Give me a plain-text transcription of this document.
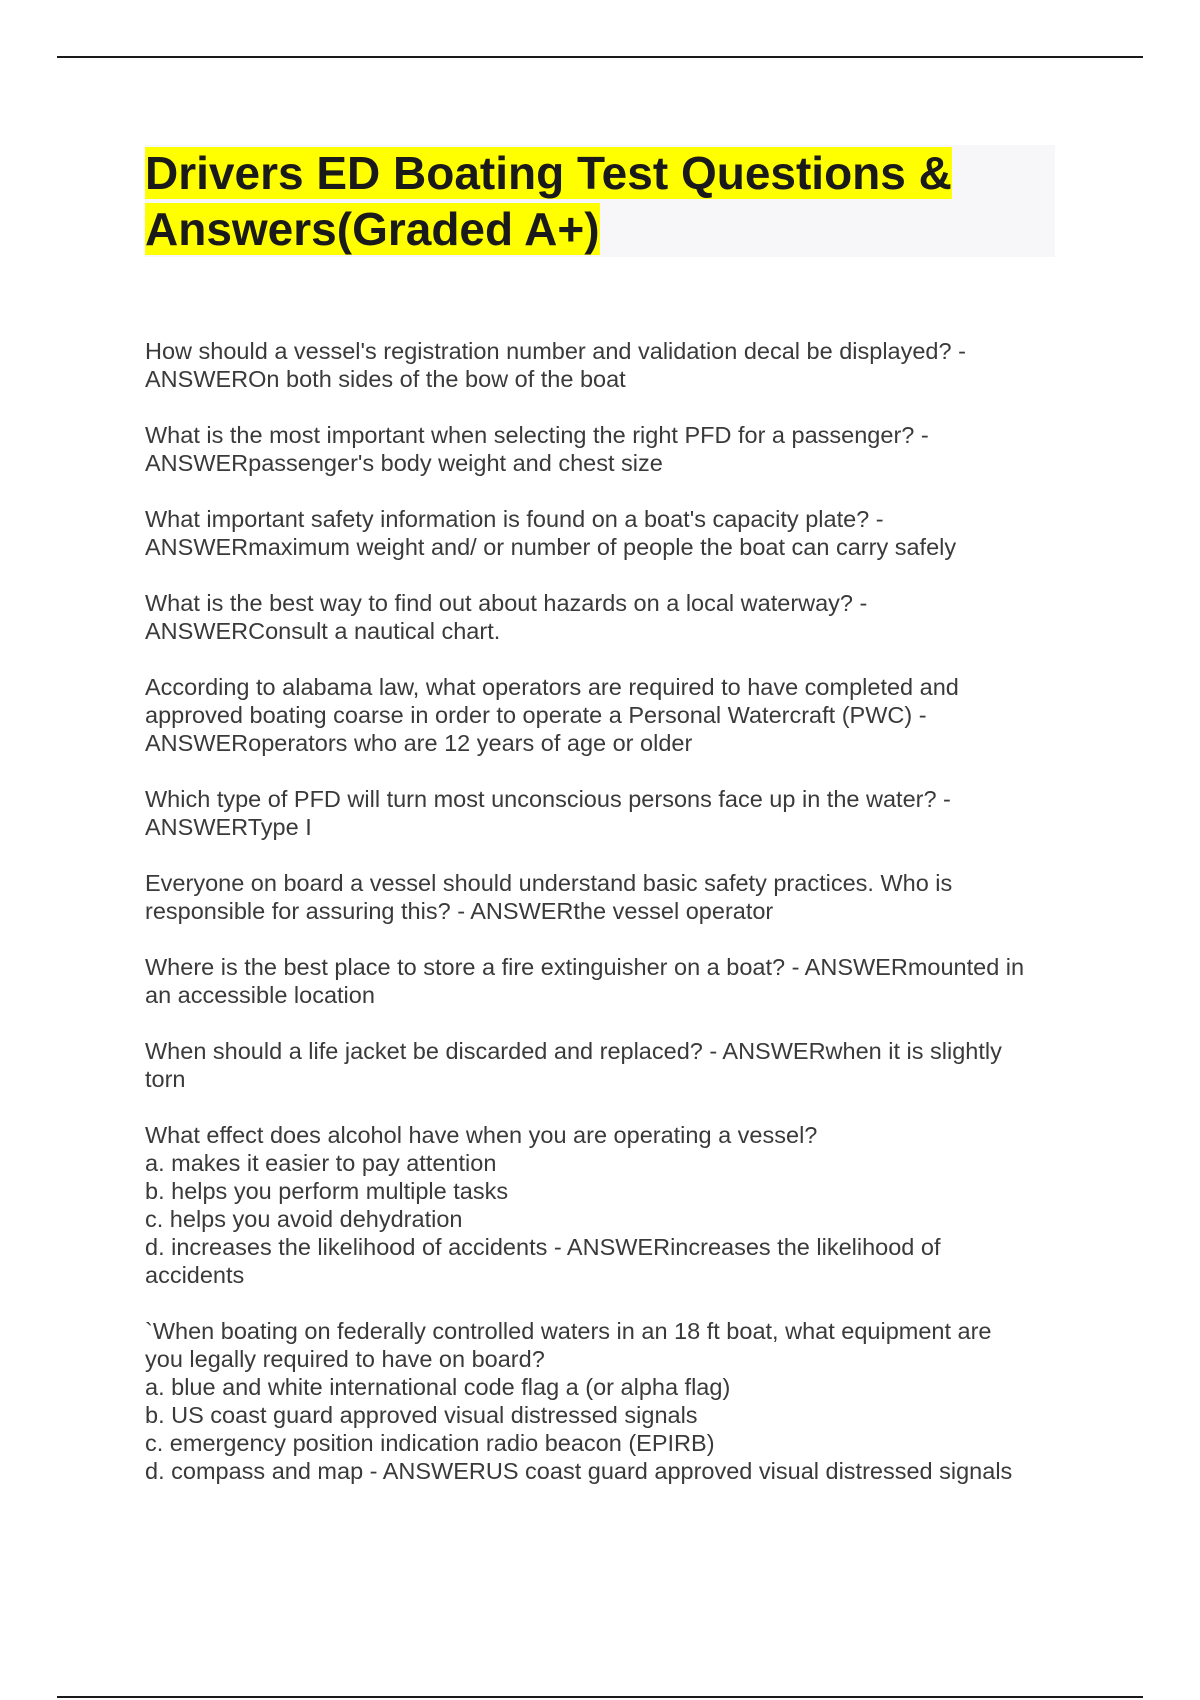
Drivers ED Boating Test Questions & Answers(Graded A+)

How should a vessel's registration number and validation decal be displayed? -
ANSWEROn both sides of the bow of the boat

What is the most important when selecting the right PFD for a passenger? -
ANSWERpassenger's body weight and chest size

What important safety information is found on a boat's capacity plate? -
ANSWERmaximum weight and/ or number of people the boat can carry safely

What is the best way to find out about hazards on a local waterway? -
ANSWERConsult a nautical chart.

According to alabama law, what operators are required to have completed and
approved boating coarse in order to operate a Personal Watercraft (PWC) -
ANSWERoperators who are 12 years of age or older

Which type of PFD will turn most unconscious persons face up in the water? -
ANSWERType I

Everyone on board a vessel should understand basic safety practices. Who is
responsible for assuring this? - ANSWERthe vessel operator

Where is the best place to store a fire extinguisher on a boat? - ANSWERmounted in
an accessible location

When should a life jacket be discarded and replaced? - ANSWERwhen it is slightly
torn

What effect does alcohol have when you are operating a vessel?
a. makes it easier to pay attention
b. helps you perform multiple tasks
c. helps you avoid dehydration
d. increases the likelihood of accidents - ANSWERincreases the likelihood of
accidents

`When boating on federally controlled waters in an 18 ft boat, what equipment are
you legally required to have on board?
a. blue and white international code flag a (or alpha flag)
b. US coast guard approved visual distressed signals
c. emergency position indication radio beacon (EPIRB)
d. compass and map - ANSWERUS coast guard approved visual distressed signals
